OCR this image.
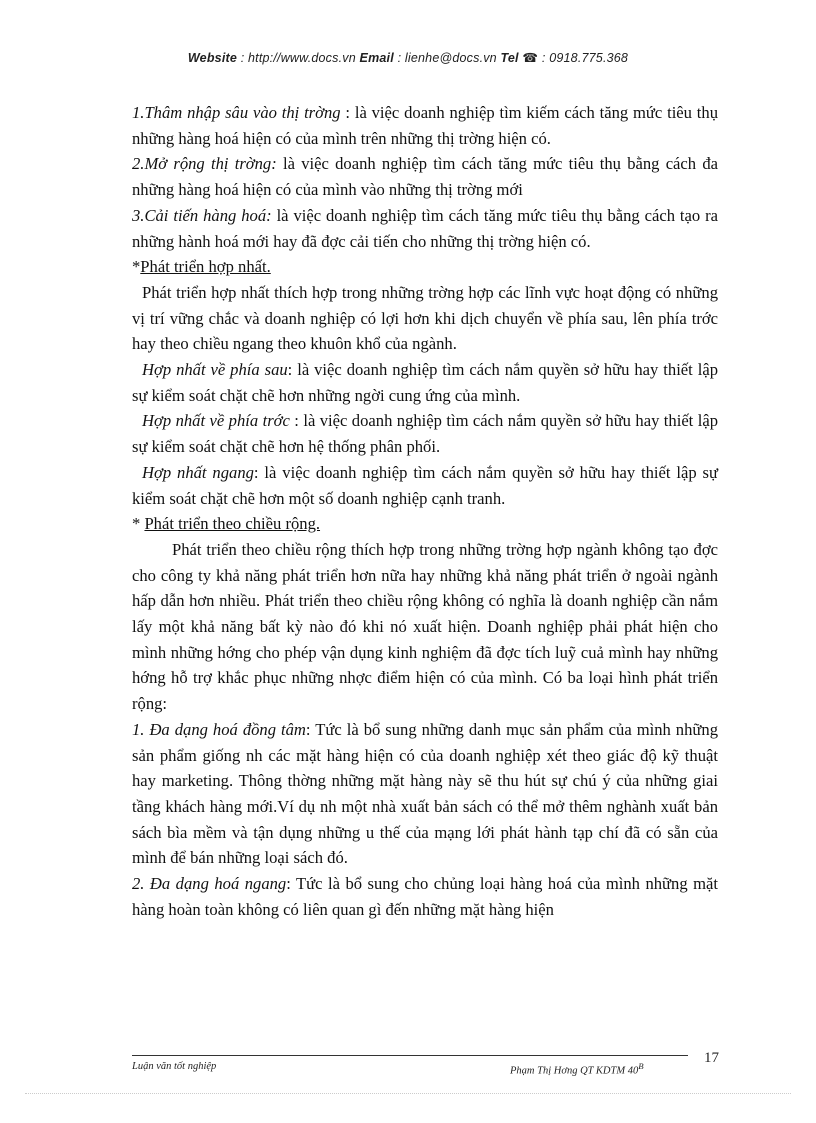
Website : http://www.docs.vn Email : lienhe@docs.vn Tel ☎ : 0918.775.368

1.Thâm nhập sâu vào thị trờng : là việc doanh nghiệp tìm kiếm cách tăng mức tiêu thụ những hàng hoá hiện có của mình trên những thị trờng hiện có.

2.Mở rộng thị trờng: là việc doanh nghiệp tìm cách tăng mức tiêu thụ bằng cách đa những hàng hoá hiện có của mình vào những thị trờng mới

3.Cải tiến hàng hoá: là việc doanh nghiệp tìm cách tăng mức tiêu thụ bằng cách tạo ra những hành hoá mới hay đã đợc cải tiến cho những thị trờng hiện có.

*Phát triển hợp nhất.

Phát triển hợp nhất thích hợp trong những trờng hợp các lĩnh vực hoạt động có những vị trí vững chắc và doanh nghiệp có lợi hơn khi dịch chuyển về phía sau, lên phía trớc hay theo chiều ngang theo khuôn khổ của ngành.

Hợp nhất về phía sau: là việc doanh nghiệp tìm cách nắm quyền sở hữu hay thiết lập sự kiểm soát chặt chẽ hơn những ngời cung ứng của mình.

Hợp nhất về phía trớc : là việc doanh nghiệp tìm cách nắm quyền sở hữu hay thiết lập sự kiểm soát chặt chẽ hơn hệ thống phân phối.

Hợp nhất ngang: là việc doanh nghiệp tìm cách nắm quyền sở hữu hay thiết lập sự kiểm soát chặt chẽ hơn một số doanh nghiệp cạnh tranh.

* Phát triển theo chiều rộng.

Phát triển theo chiều rộng thích hợp trong những trờng hợp ngành không tạo đợc cho công ty khả năng phát triển hơn nữa hay những khả năng phát triển ở ngoài ngành hấp dẫn hơn nhiều. Phát triển theo chiều rộng không có nghĩa là doanh nghiệp cần nắm lấy một khả năng bất kỳ nào đó khi nó xuất hiện. Doanh nghiệp phải phát hiện cho mình những hớng cho phép vận dụng kinh nghiệm đã đợc tích luỹ cuả mình hay những hớng hỗ trợ khắc phục những nhợc điểm hiện có của mình. Có ba loại hình phát triển rộng:

1. Đa dạng hoá đồng tâm: Tức là bổ sung những danh mục sản phẩm của mình những sản phẩm giống nh các mặt hàng hiện có của doanh nghiệp xét theo giác độ kỹ thuật hay marketing. Thông thờng những mặt hàng này sẽ thu hút sự chú ý của những giai tầng khách hàng mới.Ví dụ nh một nhà xuất bản sách có thể mở thêm nghành xuất bản sách bìa mềm và tận dụng những u thế của mạng lới phát hành tạp chí đã có sẵn của mình để bán những loại sách đó.

2. Đa dạng hoá ngang: Tức là bổ sung cho chủng loại hàng hoá của mình những mặt hàng hoàn toàn không có liên quan gì đến những mặt hàng hiện

Luận văn tốt nghiệp	Phạm Thị Hơng QT KDTM $40^B$	17
